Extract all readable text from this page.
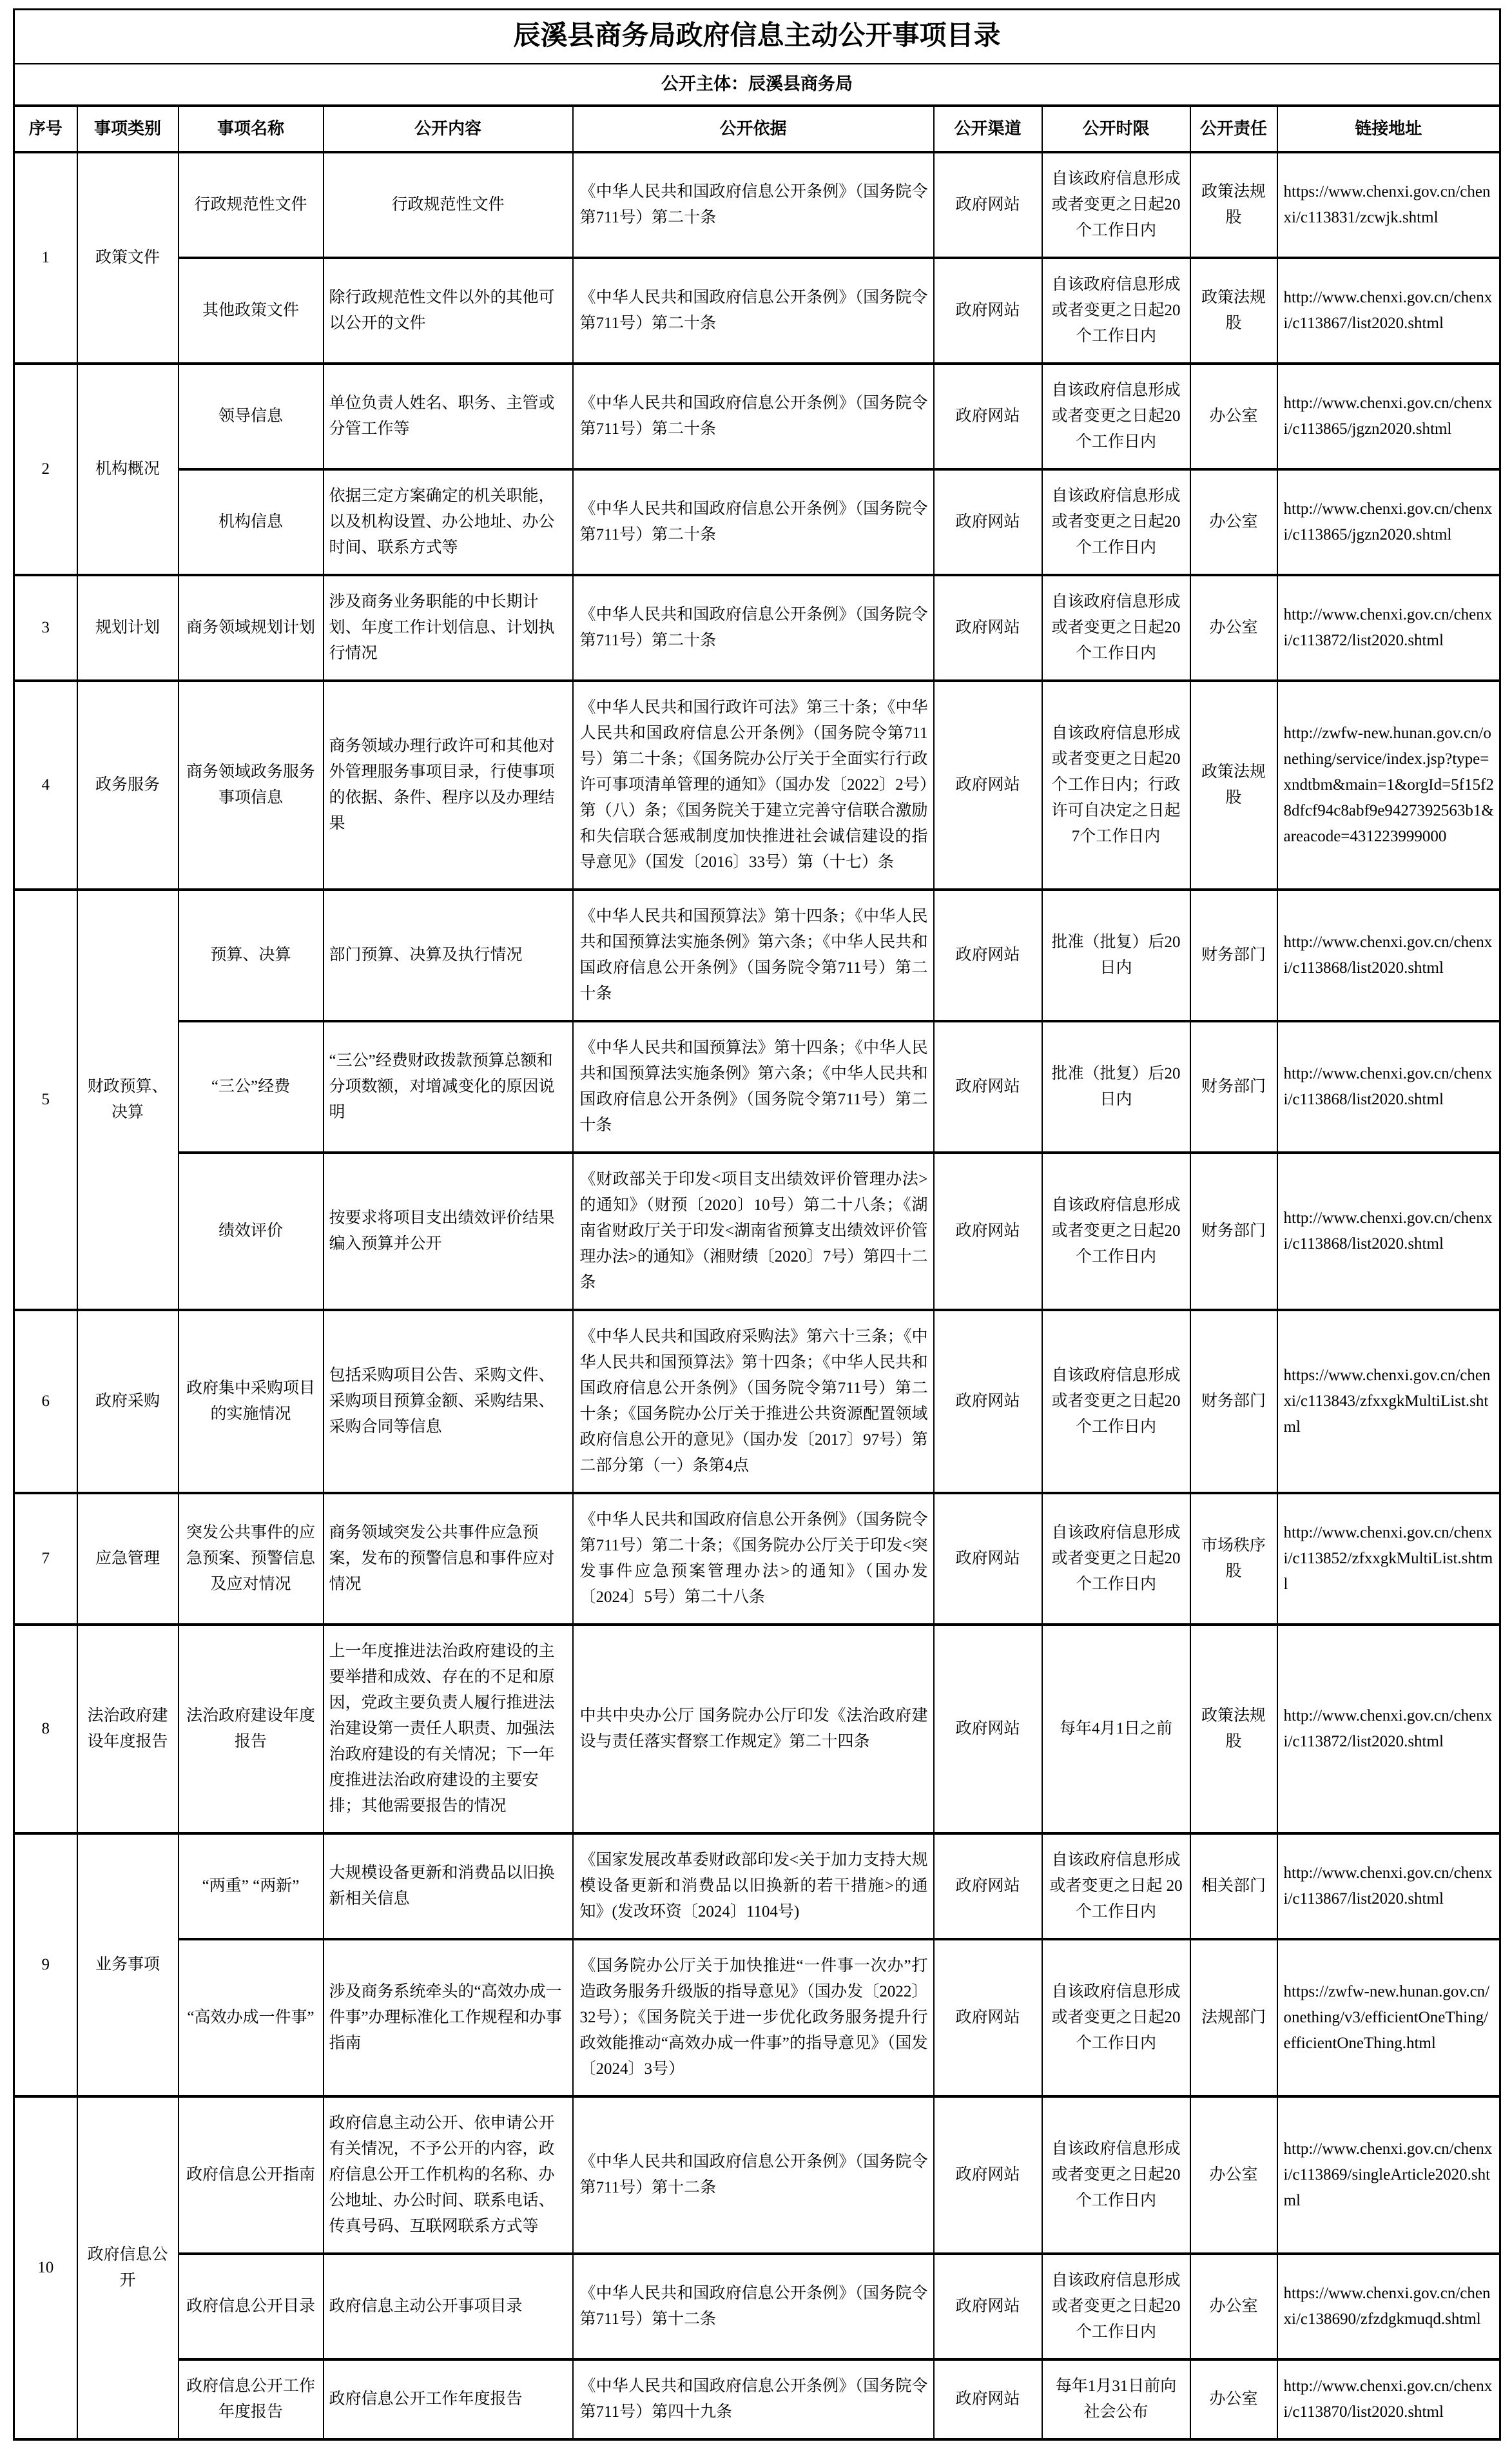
辰溪县商务局政府信息主动公开事项目录								
公开主体：辰溪县商务局								
序号	事项类别	事项名称	公开内容	公开依据	公开渠道	公开时限	公开责任	链接地址
1	政策文件	行政规范性文件	行政规范性文件	《中华人民共和国政府信息公开条例》（国务院令第711号）第二十条	政府网站	自该政府信息形成或者变更之日起20个工作日内	政策法规股	https://www.chenxi.gov.cn/chenxi/c113831/zcwjk.shtml
		其他政策文件	除行政规范性文件以外的其他可以公开的文件	《中华人民共和国政府信息公开条例》（国务院令第711号）第二十条	政府网站	自该政府信息形成或者变更之日起20个工作日内	政策法规股	http://www.chenxi.gov.cn/chenxi/c113867/list2020.shtml
2	机构概况	领导信息	单位负责人姓名、职务、主管或分管工作等	《中华人民共和国政府信息公开条例》（国务院令第711号）第二十条	政府网站	自该政府信息形成或者变更之日起20个工作日内	办公室	http://www.chenxi.gov.cn/chenxi/c113865/jgzn2020.shtml
		机构信息	依据三定方案确定的机关职能，以及机构设置、办公地址、办公时间、联系方式等	《中华人民共和国政府信息公开条例》（国务院令第711号）第二十条	政府网站	自该政府信息形成或者变更之日起20个工作日内	办公室	http://www.chenxi.gov.cn/chenxi/c113865/jgzn2020.shtml
3	规划计划	商务领域规划计划	涉及商务业务职能的中长期计划、年度工作计划信息、计划执行情况	《中华人民共和国政府信息公开条例》（国务院令第711号）第二十条	政府网站	自该政府信息形成或者变更之日起20个工作日内	办公室	http://www.chenxi.gov.cn/chenxi/c113872/list2020.shtml
4	政务服务	商务领域政务服务事项信息	商务领域办理行政许可和其他对外管理服务事项目录，行使事项的依据、条件、程序以及办理结果	《中华人民共和国行政许可法》第三十条；《中华人民共和国政府信息公开条例》（国务院令第711号）第二十条；《国务院办公厅关于全面实行行政许可事项清单管理的通知》（国办发〔2022〕2号）第（八）条；《国务院关于建立完善守信联合激励和失信联合惩戒制度加快推进社会诚信建设的指导意见》（国发〔2016〕33号）第（十七）条	政府网站	自该政府信息形成或者变更之日起20个工作日内；行政许可自决定之日起7个工作日内	政策法规股	http://zwfw-new.hunan.gov.cn/onething/service/index.jsp?type=xndtbm&main=1&orgId=5f15f28dfcf94c8abf9e9427392563b1&areacode=431223999000
5	财政预算、决算	预算、决算	部门预算、决算及执行情况	《中华人民共和国预算法》第十四条；《中华人民共和国预算法实施条例》第六条；《中华人民共和国政府信息公开条例》（国务院令第711号）第二十条	政府网站	批准（批复）后20日内	财务部门	http://www.chenxi.gov.cn/chenxi/c113868/list2020.shtml
		“三公”经费	“三公”经费财政拨款预算总额和分项数额，对增减变化的原因说明	《中华人民共和国预算法》第十四条；《中华人民共和国预算法实施条例》第六条；《中华人民共和国政府信息公开条例》（国务院令第711号）第二十条	政府网站	批准（批复）后20日内	财务部门	http://www.chenxi.gov.cn/chenxi/c113868/list2020.shtml
		绩效评价	按要求将项目支出绩效评价结果编入预算并公开	《财政部关于印发<项目支出绩效评价管理办法>的通知》（财预〔2020〕10号）第二十八条；《湖南省财政厅关于印发<湖南省预算支出绩效评价管理办法>的通知》（湘财绩〔2020〕7号）第四十二条	政府网站	自该政府信息形成或者变更之日起20个工作日内	财务部门	http://www.chenxi.gov.cn/chenxi/c113868/list2020.shtml
6	政府采购	政府集中采购项目的实施情况	包括采购项目公告、采购文件、采购项目预算金额、采购结果、采购合同等信息	《中华人民共和国政府采购法》第六十三条；《中华人民共和国预算法》第十四条；《中华人民共和国政府信息公开条例》（国务院令第711号）第二十条；《国务院办公厅关于推进公共资源配置领域政府信息公开的意见》（国办发〔2017〕97号）第二部分第（一）条第4点	政府网站	自该政府信息形成或者变更之日起20个工作日内	财务部门	https://www.chenxi.gov.cn/chenxi/c113843/zfxxgkMultiList.shtml
7	应急管理	突发公共事件的应急预案、预警信息及应对情况	商务领域突发公共事件应急预案，发布的预警信息和事件应对情况	《中华人民共和国政府信息公开条例》（国务院令第711号）第二十条；《国务院办公厅关于印发<突发事件应急预案管理办法>的通知》（国办发〔2024〕5号）第二十八条	政府网站	自该政府信息形成或者变更之日起20个工作日内	市场秩序股	http://www.chenxi.gov.cn/chenxi/c113852/zfxxgkMultiList.shtml
8	法治政府建设年度报告	法治政府建设年度报告	上一年度推进法治政府建设的主要举措和成效、存在的不足和原因，党政主要负责人履行推进法治建设第一责任人职责、加强法治政府建设的有关情况；下一年度推进法治政府建设的主要安排；其他需要报告的情况	中共中央办公厅 国务院办公厅印发《法治政府建设与责任落实督察工作规定》第二十四条	政府网站	每年4月1日之前	政策法规股	http://www.chenxi.gov.cn/chenxi/c113872/list2020.shtml
9	业务事项	“两重” “两新”	大规模设备更新和消费品以旧换新相关信息	《国家发展改革委财政部印发<关于加力支持大规模设备更新和消费品以旧换新的若干措施>的通知》(发改环资〔2024〕1104号)	政府网站	自该政府信息形成或者变更之日起 20 个工作日内	相关部门	http://www.chenxi.gov.cn/chenxi/c113867/list2020.shtml
		“高效办成一件事”	涉及商务系统牵头的“高效办成一件事”办理标准化工作规程和办事指南	《国务院办公厅关于加快推进“一件事一次办”打造政务服务升级版的指导意见》（国办发〔2022〕32号）；《国务院关于进一步优化政务服务提升行政效能推动“高效办成一件事”的指导意见》（国发〔2024〕3号）	政府网站	自该政府信息形成或者变更之日起20个工作日内	法规部门	https://zwfw-new.hunan.gov.cn/onething/v3/efficientOneThing/efficientOneThing.html
10	政府信息公开	政府信息公开指南	政府信息主动公开、依申请公开有关情况，不予公开的内容，政府信息公开工作机构的名称、办公地址、办公时间、联系电话、传真号码、互联网联系方式等	《中华人民共和国政府信息公开条例》（国务院令第711号）第十二条	政府网站	自该政府信息形成或者变更之日起20个工作日内	办公室	http://www.chenxi.gov.cn/chenxi/c113869/singleArticle2020.shtml
		政府信息公开目录	政府信息主动公开事项目录	《中华人民共和国政府信息公开条例》（国务院令第711号）第十二条	政府网站	自该政府信息形成或者变更之日起20个工作日内	办公室	https://www.chenxi.gov.cn/chenxi/c138690/zfzdgkmuqd.shtml
		政府信息公开工作年度报告	政府信息公开工作年度报告	《中华人民共和国政府信息公开条例》（国务院令第711号）第四十九条	政府网站	每年1月31日前向社会公布	办公室	http://www.chenxi.gov.cn/chenxi/c113870/list2020.shtml
